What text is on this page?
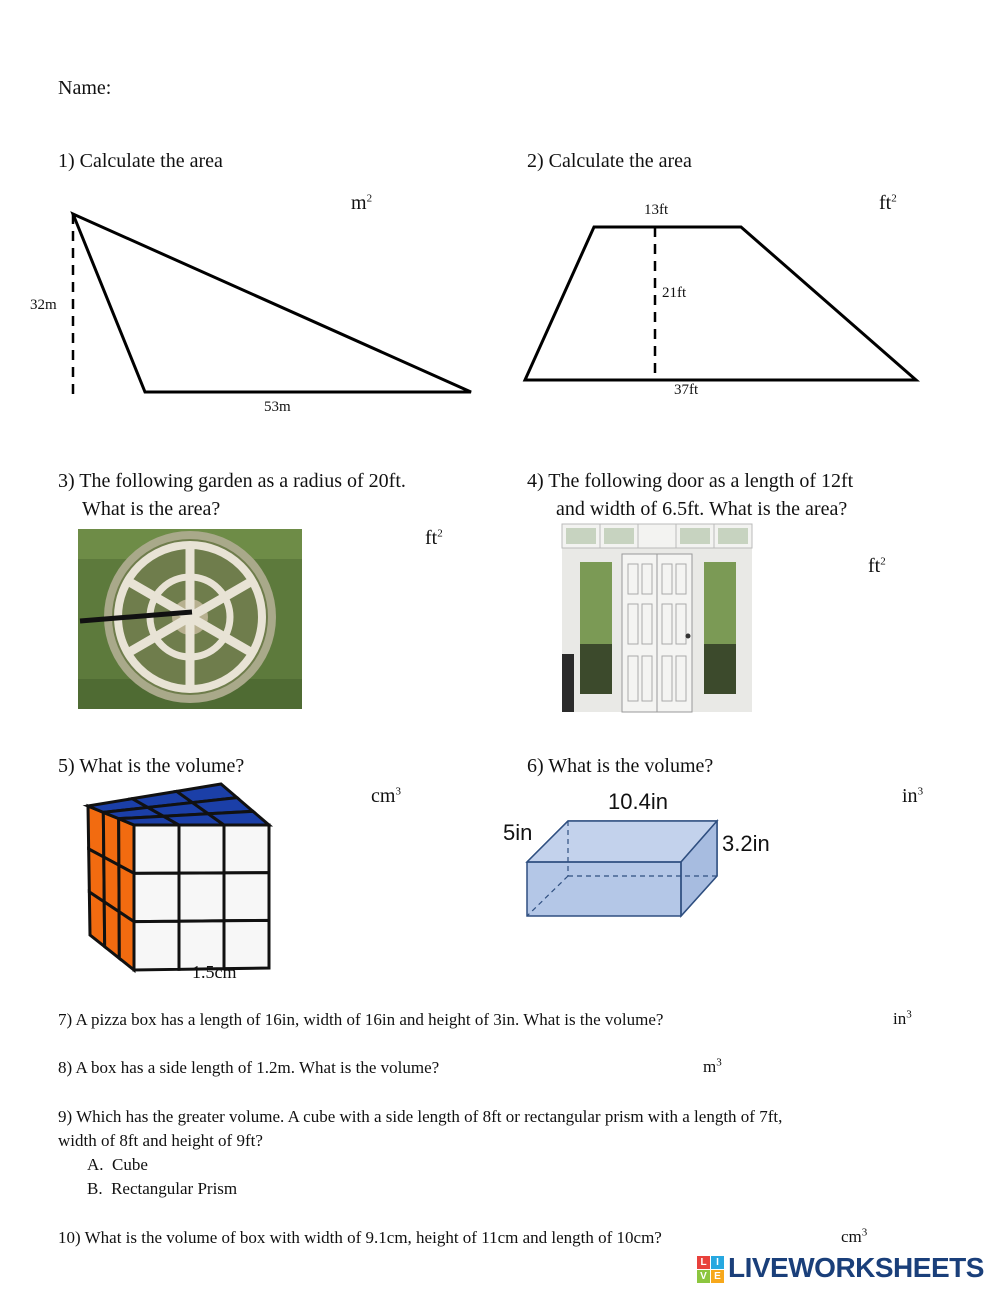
Name:
1) Calculate the area
$m^2$
32m
53m
2) Calculate the area
$ft^2$
13ft
21ft
37ft
3) The following garden as a radius of 20ft.
What is the area?
$ft^2$
4) The following door as a length of 12ft
and width of 6.5ft. What is the area?
$ft^2$
5) What is the volume?
$cm^3$
1.5cm
6) What is the volume?
$in^3$
10.4in
5in	3.2in
7) A pizza box has a length of 16in, width of 16in and height of 3in. What is the volume?	$in^3$
8) A box has a side length of 1.2m. What is the volume?	$m^3$
9) Which has the greater volume. A cube with a side length of 8ft or rectangular prism with a length of 7ft,
width of 8ft and height of 9ft?
A. Cube
B. Rectangular Prism
10) What is the volume of box with width of 9.1cm, height of 11cm and length of 10cm?	$cm^3$
L I
V E LIVEWORKSHEETS
